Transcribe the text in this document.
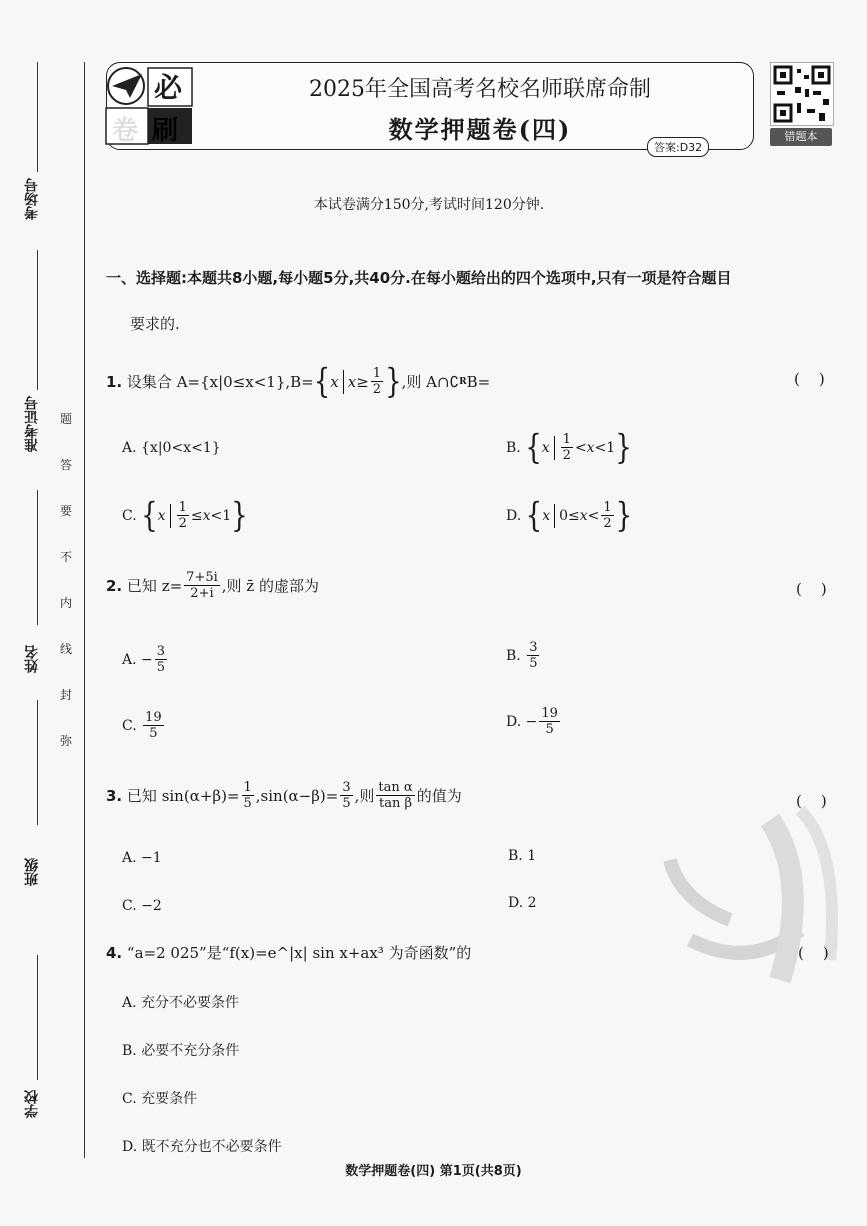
考场号
准考证号
姓名
班级
学校
题
答
要
不
内
线
封
弥
必
卷刷
2025年全国高考名校名师联席命制
数学押题卷(四)
答案:D32
错题本
本试卷满分150分,考试时间120分钟.
一、选择题:本题共8小题,每小题5分,共40分.在每小题给出的四个选项中,只有一项是符合题目
要求的.
1.
设集合 A={x|0≤x<1},B= { x $x \ge \frac{1}{2}$ } ,则 A∩∁ R B=	(    )
A. {x|0<x<1}	B.
{ x $\frac{1}{2} < x <1$ }
C.
{ x $\frac{1}{2} \le x <1$ }	D.
{ x $0\le x < \frac{1}{2}$ }
2.
已知 $z= \frac{7+5i}{2+i}$ ,则 z̄ 的虚部为	(    )
A. − $\frac{3}{5}$	B.
$\frac{3}{5}$
C.
$\frac{19}{5}$	D. − $\frac{19}{5}$
3.
已知 $\sin(\alpha+\beta)= \frac{1}{5} ,\sin(\alpha-\beta)= \frac{3}{5}$ ,则 $\frac{\text{tan α}}{\text{tan β}}$ 的值为	(    )
A. −1	B. 1
C. −2	D. 2
4.
“a=2 025”是“f(x)=e^|x| sin x+ax³ 为奇函数”的	(    )
A. 充分不必要条件
B. 必要不充分条件
C. 充要条件
D. 既不充分也不必要条件
数学押题卷(四) 第1页(共8页)
